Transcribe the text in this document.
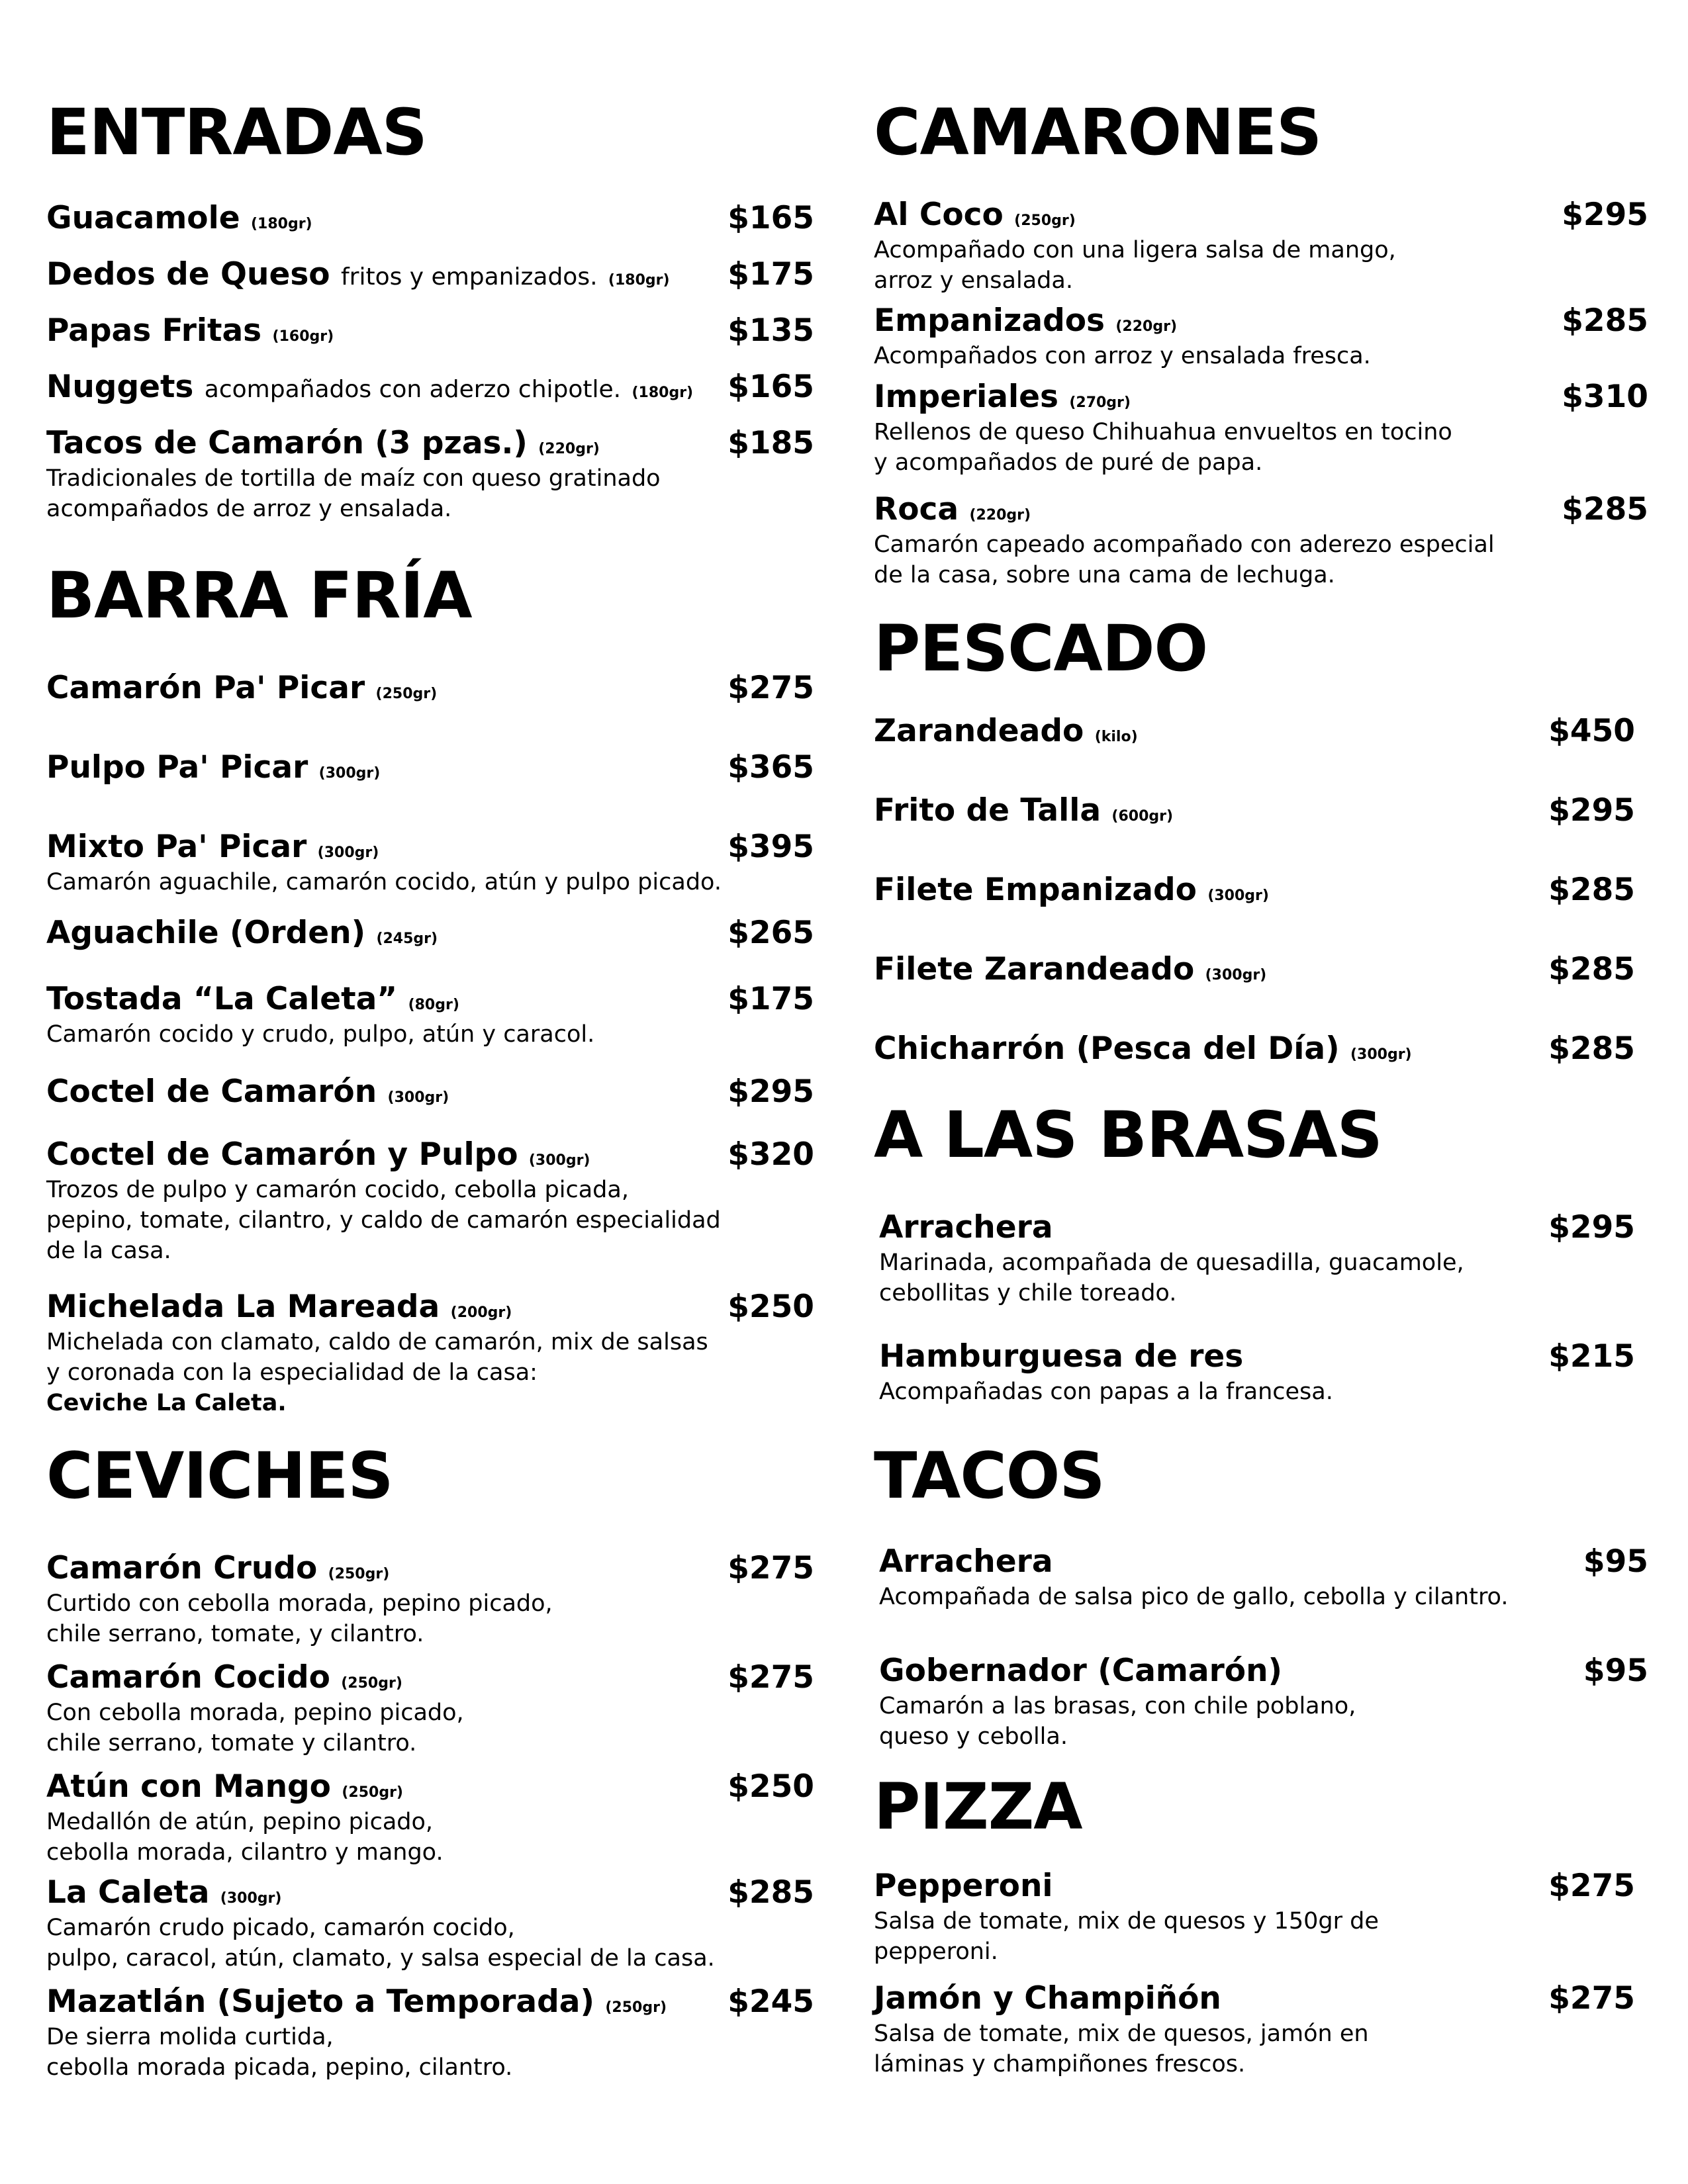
ENTRADAS
Guacamole (180gr)	$165
Dedos de Queso fritos y empanizados. (180gr) $175
Papas Fritas (160gr)	$135
Nuggets acompañados con aderzo chipotle. (180gr) $165
Tacos de Camarón (3 pzas.) (220gr)	$185
Tradicionales de tortilla de maíz con queso gratinado
acompañados de arroz y ensalada.
BARRA FRÍA
Camarón Pa' Picar (250gr)	$275
Pulpo Pa' Picar (300gr)	$365
Mixto Pa' Picar (300gr)	$395
Camarón aguachile, camarón cocido, atún y pulpo picado.
Aguachile (Orden) (245gr)	$265
Tostada “La Caleta” (80gr)	$175
Camarón cocido y crudo, pulpo, atún y caracol.
Coctel de Camarón (300gr)	$295
Coctel de Camarón y Pulpo (300gr)	$320
Trozos de pulpo y camarón cocido, cebolla picada,
pepino, tomate, cilantro, y caldo de camarón especialidad
de la casa.
Michelada La Mareada (200gr)	$250
Michelada con clamato, caldo de camarón, mix de salsas
y coronada con la especialidad de la casa:
Ceviche La Caleta.
CEVICHES
Camarón Crudo (250gr)	$275
Curtido con cebolla morada, pepino picado,
chile serrano, tomate, y cilantro.
Camarón Cocido (250gr)	$275
Con cebolla morada, pepino picado,
chile serrano, tomate y cilantro.
Atún con Mango (250gr)	$250
Medallón de atún, pepino picado,
cebolla morada, cilantro y mango.
La Caleta (300gr)	$285
Camarón crudo picado, camarón cocido,
pulpo, caracol, atún, clamato, y salsa especial de la casa.
Mazatlán (Sujeto a Temporada) (250gr) $245
De sierra molida curtida,
cebolla morada picada, pepino, cilantro.
CAMARONES
Al Coco (250gr)	$295
Acompañado con una ligera salsa de mango,
arroz y ensalada.
Empanizados (220gr)	$285
Acompañados con arroz y ensalada fresca.
Imperiales (270gr)	$310
Rellenos de queso Chihuahua envueltos en tocino
y acompañados de puré de papa.
Roca (220gr)	$285
Camarón capeado acompañado con aderezo especial
de la casa, sobre una cama de lechuga.
PESCADO
Zarandeado (kilo)	$450
Frito de Talla (600gr)	$295
Filete Empanizado (300gr)	$285
Filete Zarandeado (300gr)	$285
Chicharrón (Pesca del Día) (300gr)	$285
A LAS BRASAS
Arrachera	$295
Marinada, acompañada de quesadilla, guacamole,
cebollitas y chile toreado.
Hamburguesa de res	$215
Acompañadas con papas a la francesa.
TACOS
Arrachera	$95
Acompañada de salsa pico de gallo, cebolla y cilantro.
Gobernador (Camarón)	$95
Camarón a las brasas, con chile poblano,
queso y cebolla.
PIZZA
Pepperoni	$275
Salsa de tomate, mix de quesos y 150gr de
pepperoni.
Jamón y Champiñón	$275
Salsa de tomate, mix de quesos, jamón en
láminas y champiñones frescos.
